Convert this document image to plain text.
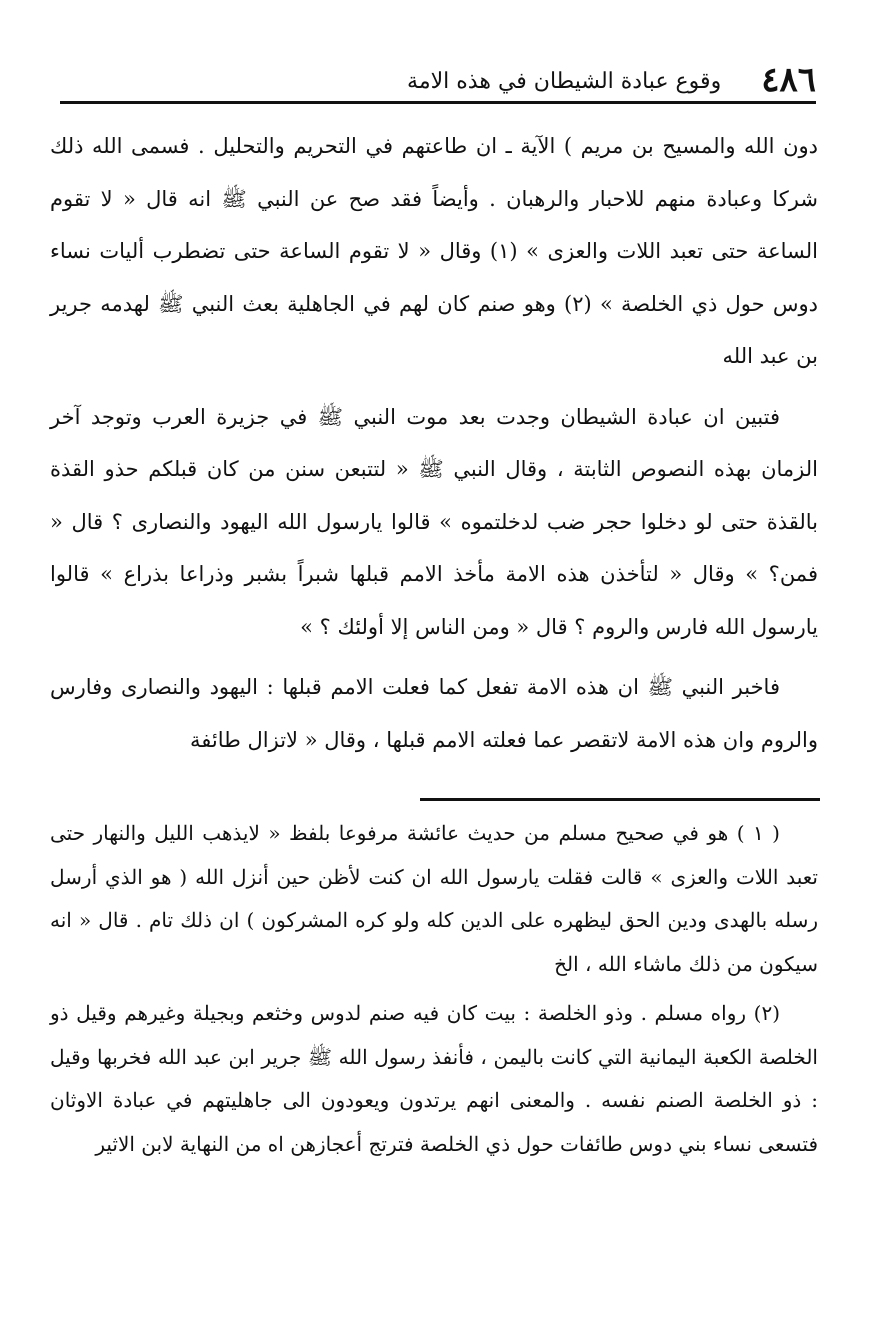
٤٨٦
وقوع عبادة الشيطان في هذه الامة

دون الله والمسيح بن مريم ) الآية ـ ان طاعتهم في التحريم والتحليل . فسمى الله ذلك شركا وعبادة منهم للاحبار والرهبان . وأيضاً فقد صح عن النبي ﷺ انه قال « لا تقوم الساعة حتى تعبد اللات والعزى » (١) وقال « لا تقوم الساعة حتى تضطرب أليات نساء دوس حول ذي الخلصة » (٢) وهو صنم كان لهم في الجاهلية بعث النبي ﷺ لهدمه جرير بن عبد الله

فتبين ان عبادة الشيطان وجدت بعد موت النبي ﷺ في جزيرة العرب وتوجد آخر الزمان بهذه النصوص الثابتة ، وقال النبي ﷺ « لتتبعن سنن من كان قبلكم حذو القذة بالقذة حتى لو دخلوا حجر ضب لدخلتموه » قالوا يارسول الله اليهود والنصارى ؟ قال « فمن؟ » وقال « لتأخذن هذه الامة مأخذ الامم قبلها شبراً بشبر وذراعا بذراع » قالوا يارسول الله فارس والروم ؟ قال « ومن الناس إلا أولئك ؟ »

فاخبر النبي ﷺ ان هذه الامة تفعل كما فعلت الامم قبلها : اليهود والنصارى وفارس والروم وان هذه الامة لاتقصر عما فعلته الامم قبلها ، وقال « لاتزال طائفة

( ١ ) هو في صحيح مسلم من حديث عائشة مرفوعا بلفظ « لايذهب الليل والنهار حتى تعبد اللات والعزى » قالت فقلت يارسول الله ان كنت لأظن حين أنزل الله ( هو الذي أرسل رسله بالهدى ودين الحق ليظهره على الدين كله ولو كره المشركون ) ان ذلك تام . قال « انه سيكون من ذلك ماشاء الله ، الخ

(٢) رواه مسلم . وذو الخلصة : بيت كان فيه صنم لدوس وخثعم وبجيلة وغيرهم وقيل ذو الخلصة الكعبة اليمانية التي كانت باليمن ، فأنفذ رسول الله ﷺ جرير ابن عبد الله فخربها وقيل : ذو الخلصة الصنم نفسه . والمعنى انهم يرتدون ويعودون الى جاهليتهم في عبادة الاوثان فتسعى نساء بني دوس طائفات حول ذي الخلصة فترتج أعجازهن اه من النهاية لابن الاثير
